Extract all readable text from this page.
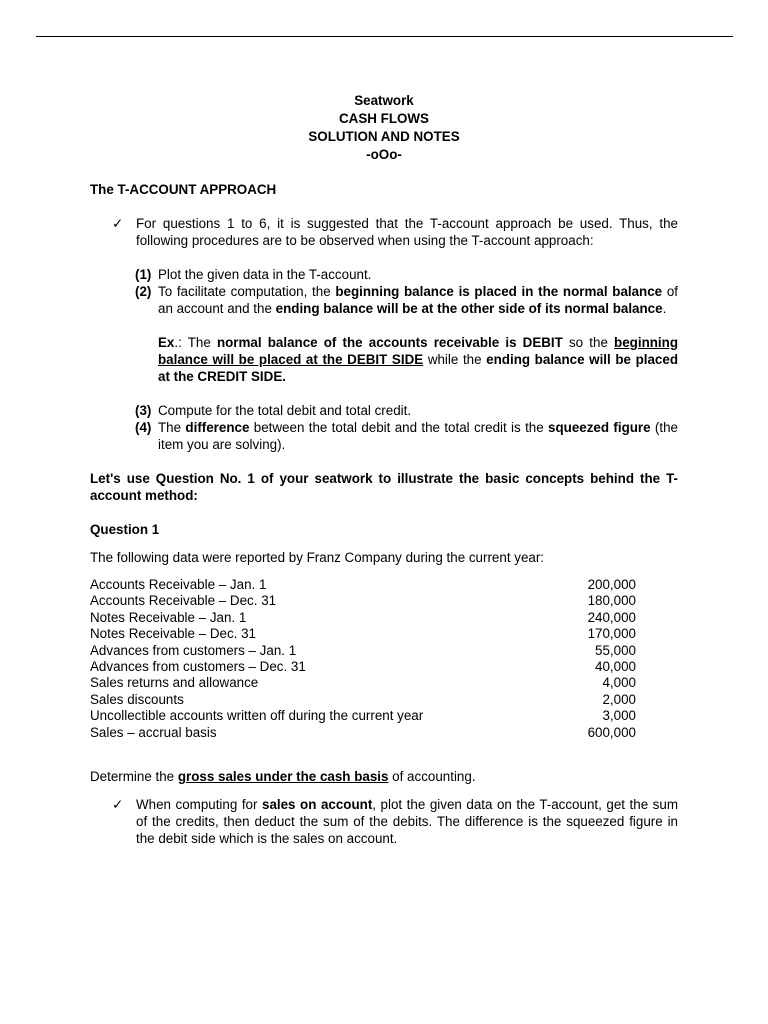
Seatwork
CASH FLOWS
SOLUTION AND NOTES
-oOo-
The T-ACCOUNT APPROACH
✓ For questions 1 to 6, it is suggested that the T-account approach be used. Thus, the following procedures are to be observed when using the T-account approach:
(1) Plot the given data in the T-account.
(2) To facilitate computation, the beginning balance is placed in the normal balance of an account and the ending balance will be at the other side of its normal balance.
Ex.: The normal balance of the accounts receivable is DEBIT so the beginning balance will be placed at the DEBIT SIDE while the ending balance will be placed at the CREDIT SIDE.
(3) Compute for the total debit and total credit.
(4) The difference between the total debit and the total credit is the squeezed figure (the item you are solving).
Let's use Question No. 1 of your seatwork to illustrate the basic concepts behind the T-account method:
Question 1
The following data were reported by Franz Company during the current year:
Accounts Receivable – Jan. 1	200,000
Accounts Receivable – Dec. 31	180,000
Notes Receivable – Jan. 1	240,000
Notes Receivable – Dec. 31	170,000
Advances from customers – Jan. 1	55,000
Advances from customers – Dec. 31	40,000
Sales returns and allowance	4,000
Sales discounts	2,000
Uncollectible accounts written off during the current year	3,000
Sales – accrual basis	600,000
Determine the gross sales under the cash basis of accounting.
✓ When computing for sales on account, plot the given data on the T-account, get the sum of the credits, then deduct the sum of the debits. The difference is the squeezed figure in the debit side which is the sales on account.
